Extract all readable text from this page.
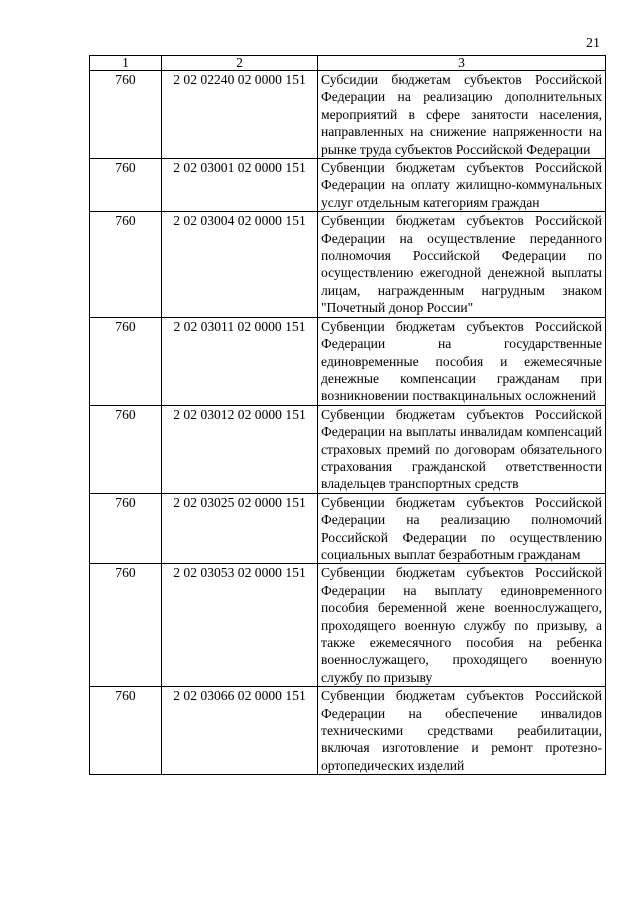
21
1	2	3
760	2 02 02240 02 0000 151	Субсидии бюджетам субъектов Российской Федерации на реализацию дополнительных мероприятий в сфере занятости населения, направленных на снижение напряженности на рынке труда субъектов Российской Федерации
760	2 02 03001 02 0000 151	Субвенции бюджетам субъектов Российской Федерации на оплату жилищно-коммунальных услуг отдельным категориям граждан
760	2 02 03004 02 0000 151	Субвенции бюджетам субъектов Российской Федерации на осуществление переданного полномочия Российской Федерации по осуществлению ежегодной денежной выплаты лицам, награжденным нагрудным знаком "Почетный донор России"
760	2 02 03011 02 0000 151	Субвенции бюджетам субъектов Российской Федерации на государственные единовременные пособия и ежемесячные денежные компенсации гражданам при возникновении поствакцинальных осложнений
760	2 02 03012 02 0000 151	Субвенции бюджетам субъектов Российской Федерации на выплаты инвалидам компенсаций страховых премий по договорам обязательного страхования гражданской ответственности владельцев транспортных средств
760	2 02 03025 02 0000 151	Субвенции бюджетам субъектов Российской Федерации на реализацию полномочий Российской Федерации по осуществлению социальных выплат безработным гражданам
760	2 02 03053 02 0000 151	Субвенции бюджетам субъектов Российской Федерации на выплату единовременного пособия беременной жене военнослужащего, проходящего военную службу по призыву, а также ежемесячного пособия на ребенка военнослужащего, проходящего военную службу по призыву
760	2 02 03066 02 0000 151	Субвенции бюджетам субъектов Российской Федерации на обеспечение инвалидов техническими средствами реабилитации, включая изготовление и ремонт протезно-ортопедических изделий
